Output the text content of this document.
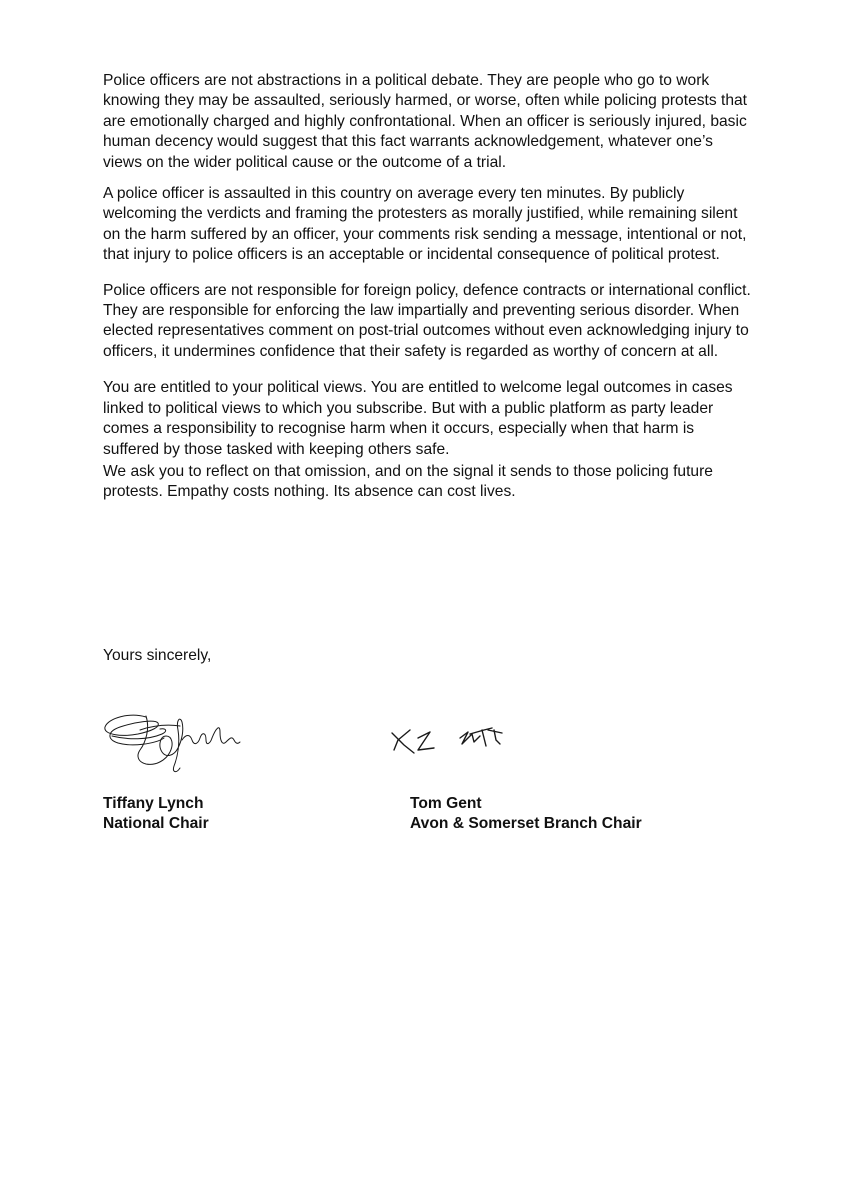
Police officers are not abstractions in a political debate. They are people who go to work knowing they may be assaulted, seriously harmed, or worse, often while policing protests that are emotionally charged and highly confrontational. When an officer is seriously injured, basic human decency would suggest that this fact warrants acknowledgement, whatever one’s views on the wider political cause or the outcome of a trial.

A police officer is assaulted in this country on average every ten minutes. By publicly welcoming the verdicts and framing the protesters as morally justified, while remaining silent on the harm suffered by an officer, your comments risk sending a message, intentional or not, that injury to police officers is an acceptable or incidental consequence of political protest.

Police officers are not responsible for foreign policy, defence contracts or international conflict. They are responsible for enforcing the law impartially and preventing serious disorder. When elected representatives comment on post-trial outcomes without even acknowledging injury to officers, it undermines confidence that their safety is regarded as worthy of concern at all.

You are entitled to your political views. You are entitled to welcome legal outcomes in cases linked to political views to which you subscribe. But with a public platform as party leader comes a responsibility to recognise harm when it occurs, especially when that harm is suffered by those tasked with keeping others safe.

We ask you to reflect on that omission, and on the signal it sends to those policing future protests. Empathy costs nothing. Its absence can cost lives.

Yours sincerely,

Tiffany Lynch
National Chair
Tom Gent
Avon & Somerset Branch Chair
